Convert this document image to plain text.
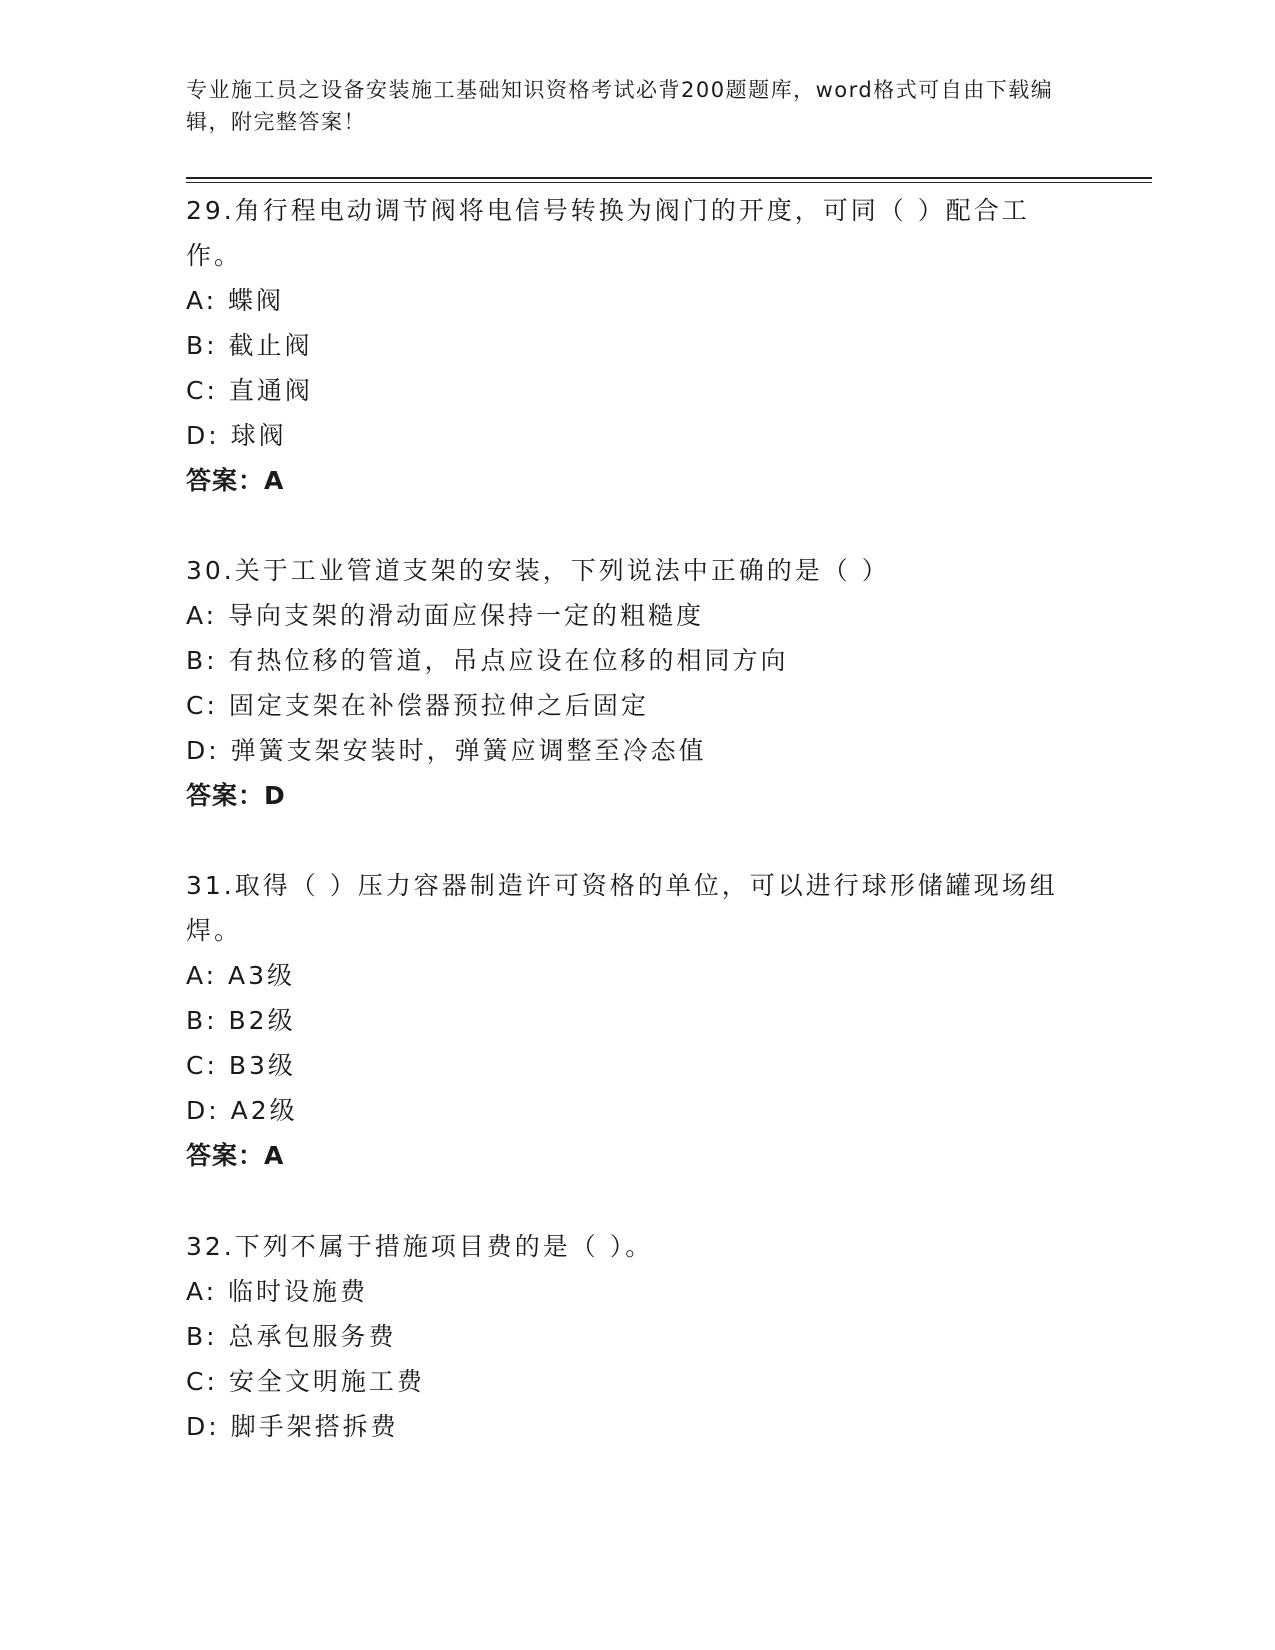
专业施工员之设备安装施工基础知识资格考试必背200题题库，word格式可自由下载编辑，附完整答案！
29.角行程电动调节阀将电信号转换为阀门的开度，可同（ ）配合工作。
A: 蝶阀
B: 截止阀
C: 直通阀
D: 球阀
答案：A
30.关于工业管道支架的安装，下列说法中正确的是（ ）
A: 导向支架的滑动面应保持一定的粗糙度
B: 有热位移的管道，吊点应设在位移的相同方向
C: 固定支架在补偿器预拉伸之后固定
D: 弹簧支架安装时，弹簧应调整至冷态值
答案：D
31.取得（ ）压力容器制造许可资格的单位，可以进行球形储罐现场组焊。
A: A3级
B: B2级
C: B3级
D: A2级
答案：A
32.下列不属于措施项目费的是（ ）。
A: 临时设施费
B: 总承包服务费
C: 安全文明施工费
D: 脚手架搭拆费
